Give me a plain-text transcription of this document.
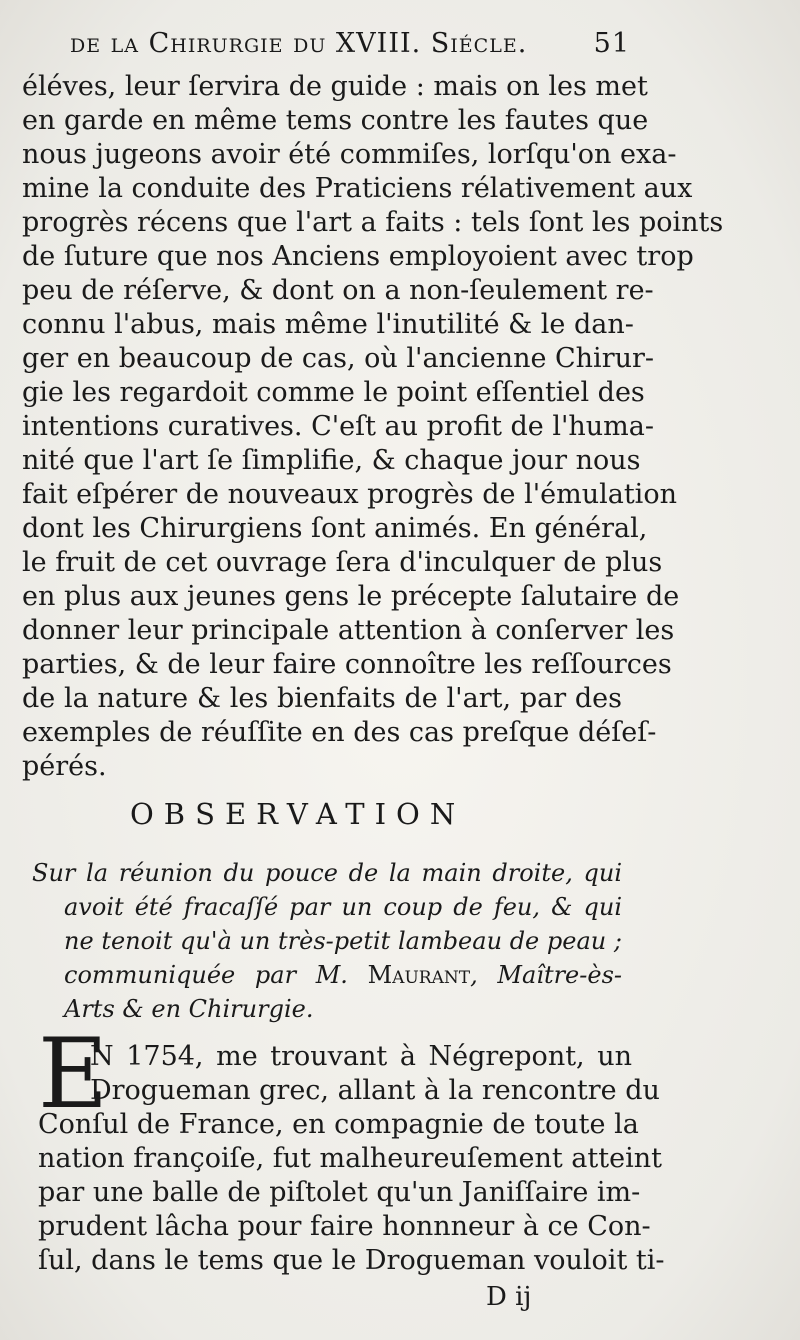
de la Chirurgie du XVIII. Siécle. 51
éléves, leur ſervira de guide : mais on les met
en garde en même tems contre les fautes que
nous jugeons avoir été commiſes, lorſqu'on exa-
mine la conduite des Praticiens rélativement aux
progrès récens que l'art a faits : tels ſont les points
de ſuture que nos Anciens employoient avec trop
peu de réſerve, & dont on a non-ſeulement re-
connu l'abus, mais même l'inutilité & le dan-
ger en beaucoup de cas, où l'ancienne Chirur-
gie les regardoit comme le point eſſentiel des
intentions curatives. C'eſt au profit de l'huma-
nité que l'art ſe ſimplifie, & chaque jour nous
fait eſpérer de nouveaux progrès de l'émulation
dont les Chirurgiens ſont animés. En général,
le fruit de cet ouvrage ſera d'inculquer de plus
en plus aux jeunes gens le précepte ſalutaire de
donner leur principale attention à conſerver les
parties, & de leur faire connoître les reſſources
de la nature & les bienfaits de l'art, par des
exemples de réuſſite en des cas preſque déſeſ-
pérés.
OBSERVATION
Sur la réunion du pouce de la main droite, qui
avoit été fracaſſé par un coup de feu, & qui
ne tenoit qu'à un très-petit lambeau de peau ;
communiquée par M. Maurant, Maître-ès-
Arts & en Chirurgie.
E
N 1754, me trouvant à Négrepont, un
Drogueman grec, allant à la rencontre du
Conſul de France, en compagnie de toute la
nation françoiſe, fut malheureuſement atteint
par une balle de piſtolet qu'un Janiſſaire im-
prudent lâcha pour faire honnneur à ce Con-
ſul, dans le tems que le Drogueman vouloit ti-
D ij
